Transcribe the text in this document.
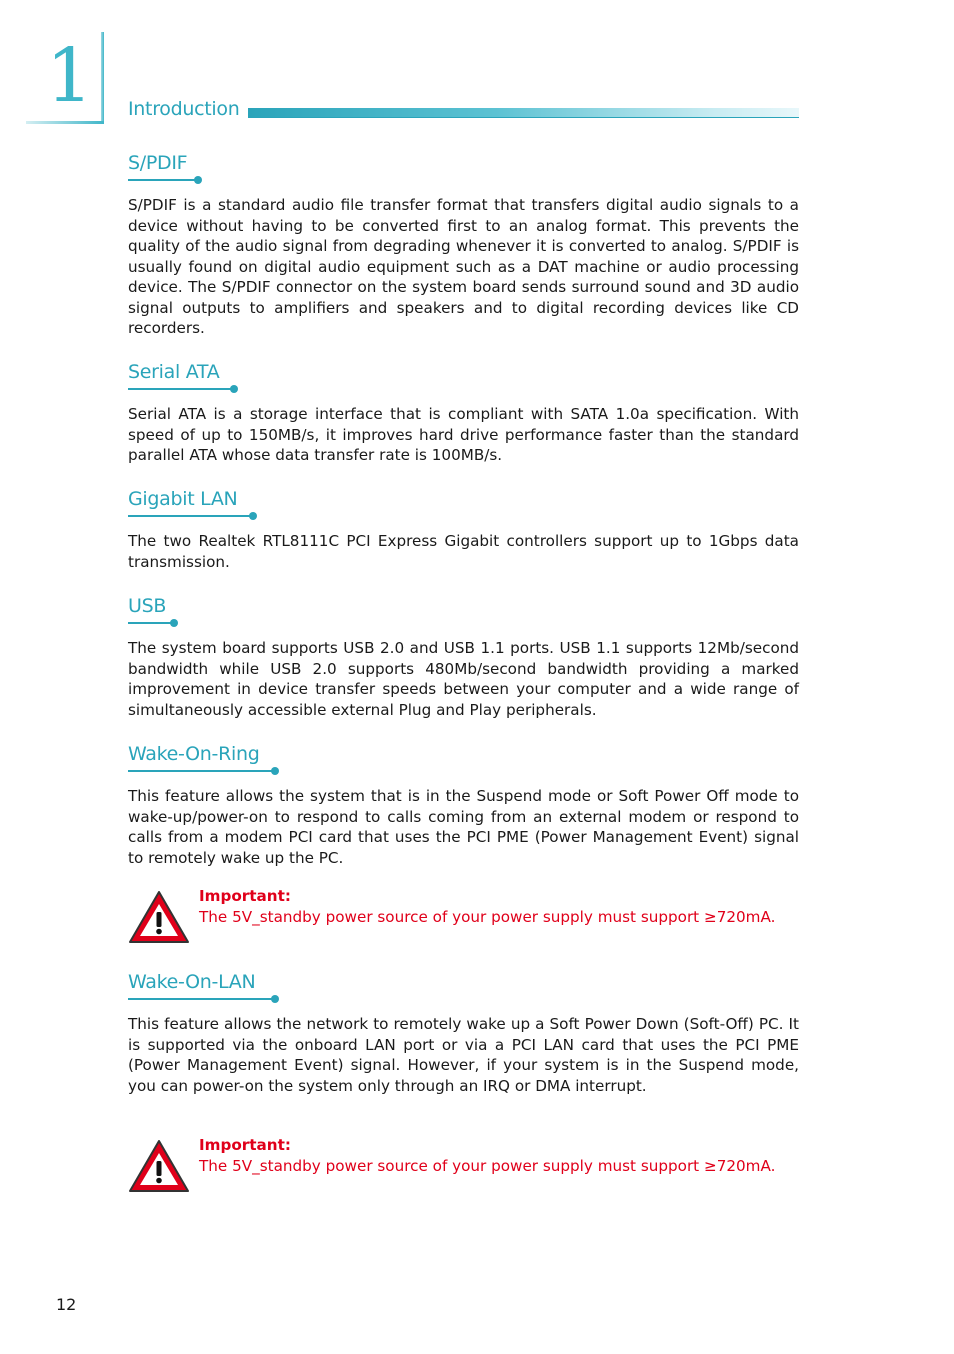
1 Introduction
S/PDIF

S/PDIF is a standard audio file transfer format that transfers digital audio signals to a device without having to be converted first to an analog format. This prevents the quality of the audio signal from degrading whenever it is converted to analog. S/PDIF is usually found on digital audio equipment such as a DAT machine or audio processing device. The S/PDIF connector on the system board sends surround sound and 3D audio signal outputs to amplifiers and speakers and to digital recording devices like CD recorders.

Serial ATA

Serial ATA is a storage interface that is compliant with SATA 1.0a specification. With speed of up to 150MB/s, it improves hard drive performance faster than the standard parallel ATA whose data transfer rate is 100MB/s.

Gigabit LAN

The two Realtek RTL8111C PCI Express Gigabit controllers support up to 1Gbps data transmission.

USB

The system board supports USB 2.0 and USB 1.1 ports. USB 1.1 supports 12Mb/second bandwidth while USB 2.0 supports 480Mb/second bandwidth providing a marked improvement in device transfer speeds between your computer and a wide range of simultaneously accessible external Plug and Play peripherals.

Wake-On-Ring

This feature allows the system that is in the Suspend mode or Soft Power Off mode to wake-up/power-on to respond to calls coming from an external modem or respond to calls from a modem PCI card that uses the PCI PME (Power Management Event) signal to remotely wake up the PC.

Important:
The 5V_standby power source of your power supply must support ≥720mA.
Wake-On-LAN

This feature allows the network to remotely wake up a Soft Power Down (Soft-Off) PC. It is supported via the onboard LAN port or via a PCI LAN card that uses the PCI PME (Power Management Event) signal. However, if your system is in the Suspend mode, you can power-on the system only through an IRQ or DMA interrupt.

Important:
The 5V_standby power source of your power supply must support ≥720mA.
12
